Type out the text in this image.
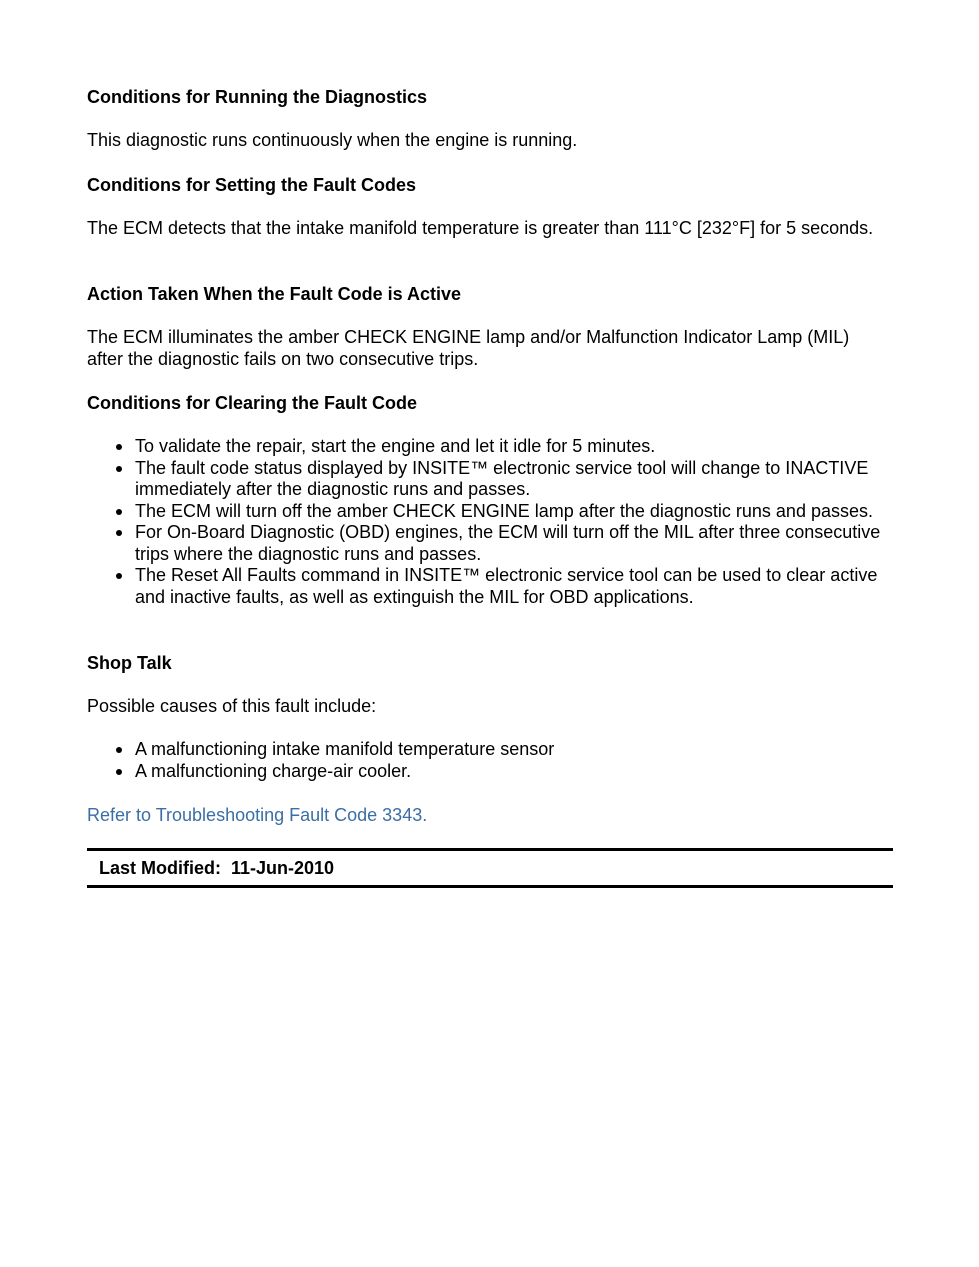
Conditions for Running the Diagnostics
This diagnostic runs continuously when the engine is running.
Conditions for Setting the Fault Codes
The ECM detects that the intake manifold temperature is greater than 111°C [232°F] for 5 seconds.
Action Taken When the Fault Code is Active
The ECM illuminates the amber CHECK ENGINE lamp and/or Malfunction Indicator Lamp (MIL) after the diagnostic fails on two consecutive trips.
Conditions for Clearing the Fault Code
To validate the repair, start the engine and let it idle for 5 minutes.
The fault code status displayed by INSITE™ electronic service tool will change to INACTIVE immediately after the diagnostic runs and passes.
The ECM will turn off the amber CHECK ENGINE lamp after the diagnostic runs and passes.
For On-Board Diagnostic (OBD) engines, the ECM will turn off the MIL after three consecutive trips where the diagnostic runs and passes.
The Reset All Faults command in INSITE™ electronic service tool can be used to clear active and inactive faults, as well as extinguish the MIL for OBD applications.
Shop Talk
Possible causes of this fault include:
A malfunctioning intake manifold temperature sensor
A malfunctioning charge-air cooler.
Refer to Troubleshooting Fault Code 3343.
Last Modified:  11-Jun-2010
